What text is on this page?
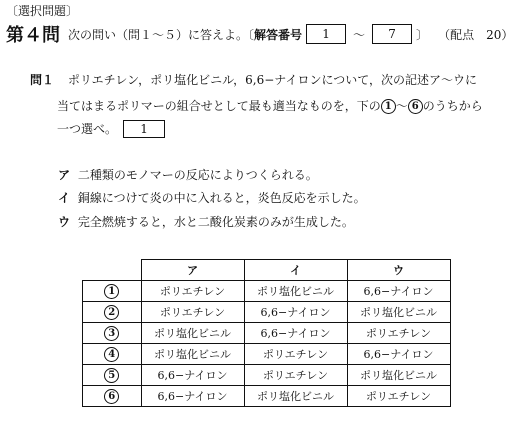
〔選択問題〕
第４問 次の問い（問１～５）に答えよ。〔 解答番号	1	～	7	〕 （配点　20）
問１ ポリエチレン，ポリ塩化ビニル，6,6−ナイロンについて，次の記述ア～ウに
当てはまるポリマーの組合せとして最も適当なものを，下の 1 ～ 6 のうちから
一つ選べ。 1
ア 二種類のモノマーの反応によりつくられる。
イ 銅線につけて炎の中に入れると，炎色反応を示した。
ウ 完全燃焼すると，水と二酸化炭素のみが生成した。
	ア	イ	ウ
1	ポリエチレン	ポリ塩化ビニル	6,6−ナイロン
2	ポリエチレン	6,6−ナイロン	ポリ塩化ビニル
3	ポリ塩化ビニル	6,6−ナイロン	ポリエチレン
4	ポリ塩化ビニル	ポリエチレン	6,6−ナイロン
5	6,6−ナイロン	ポリエチレン	ポリ塩化ビニル
6	6,6−ナイロン	ポリ塩化ビニル	ポリエチレン
